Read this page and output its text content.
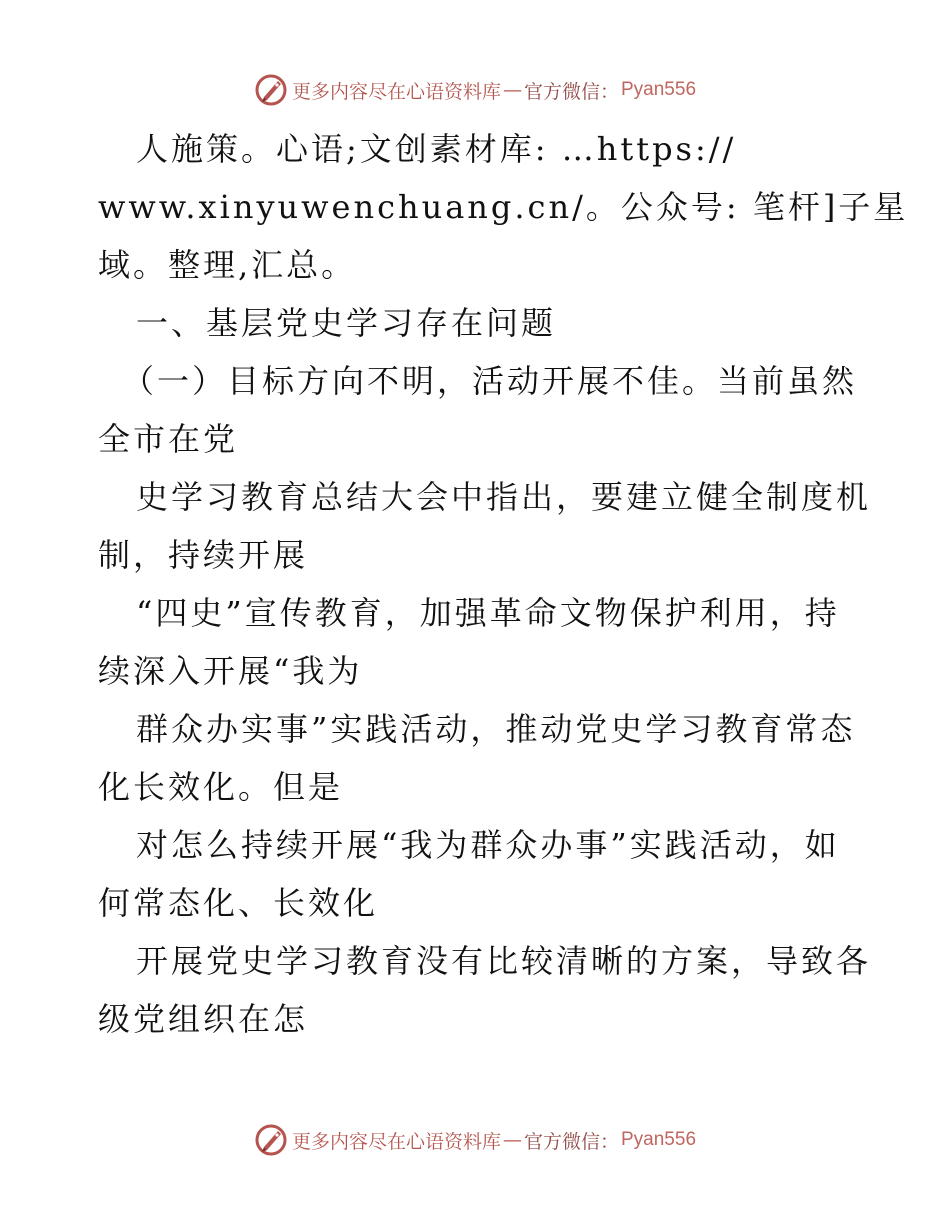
更多内容尽在心语资料库 — 官方微信： Pyan556

人施策。心语;文创素材库: …https://

www.xinyuwenchuang.cn/。公众号: 笔杆]子星

域。整理,汇总。

一、基层党史学习存在问题

（一）目标方向不明，活动开展不佳。当前虽然

全市在党

史学习教育总结大会中指出，要建立健全制度机

制，持续开展

“四史”宣传教育，加强革命文物保护利用，持

续深入开展“我为

群众办实事”实践活动，推动党史学习教育常态

化长效化。但是

对怎么持续开展“我为群众办事”实践活动，如

何常态化、长效化

开展党史学习教育没有比较清晰的方案，导致各

级党组织在怎

更多内容尽在心语资料库 — 官方微信： Pyan556
